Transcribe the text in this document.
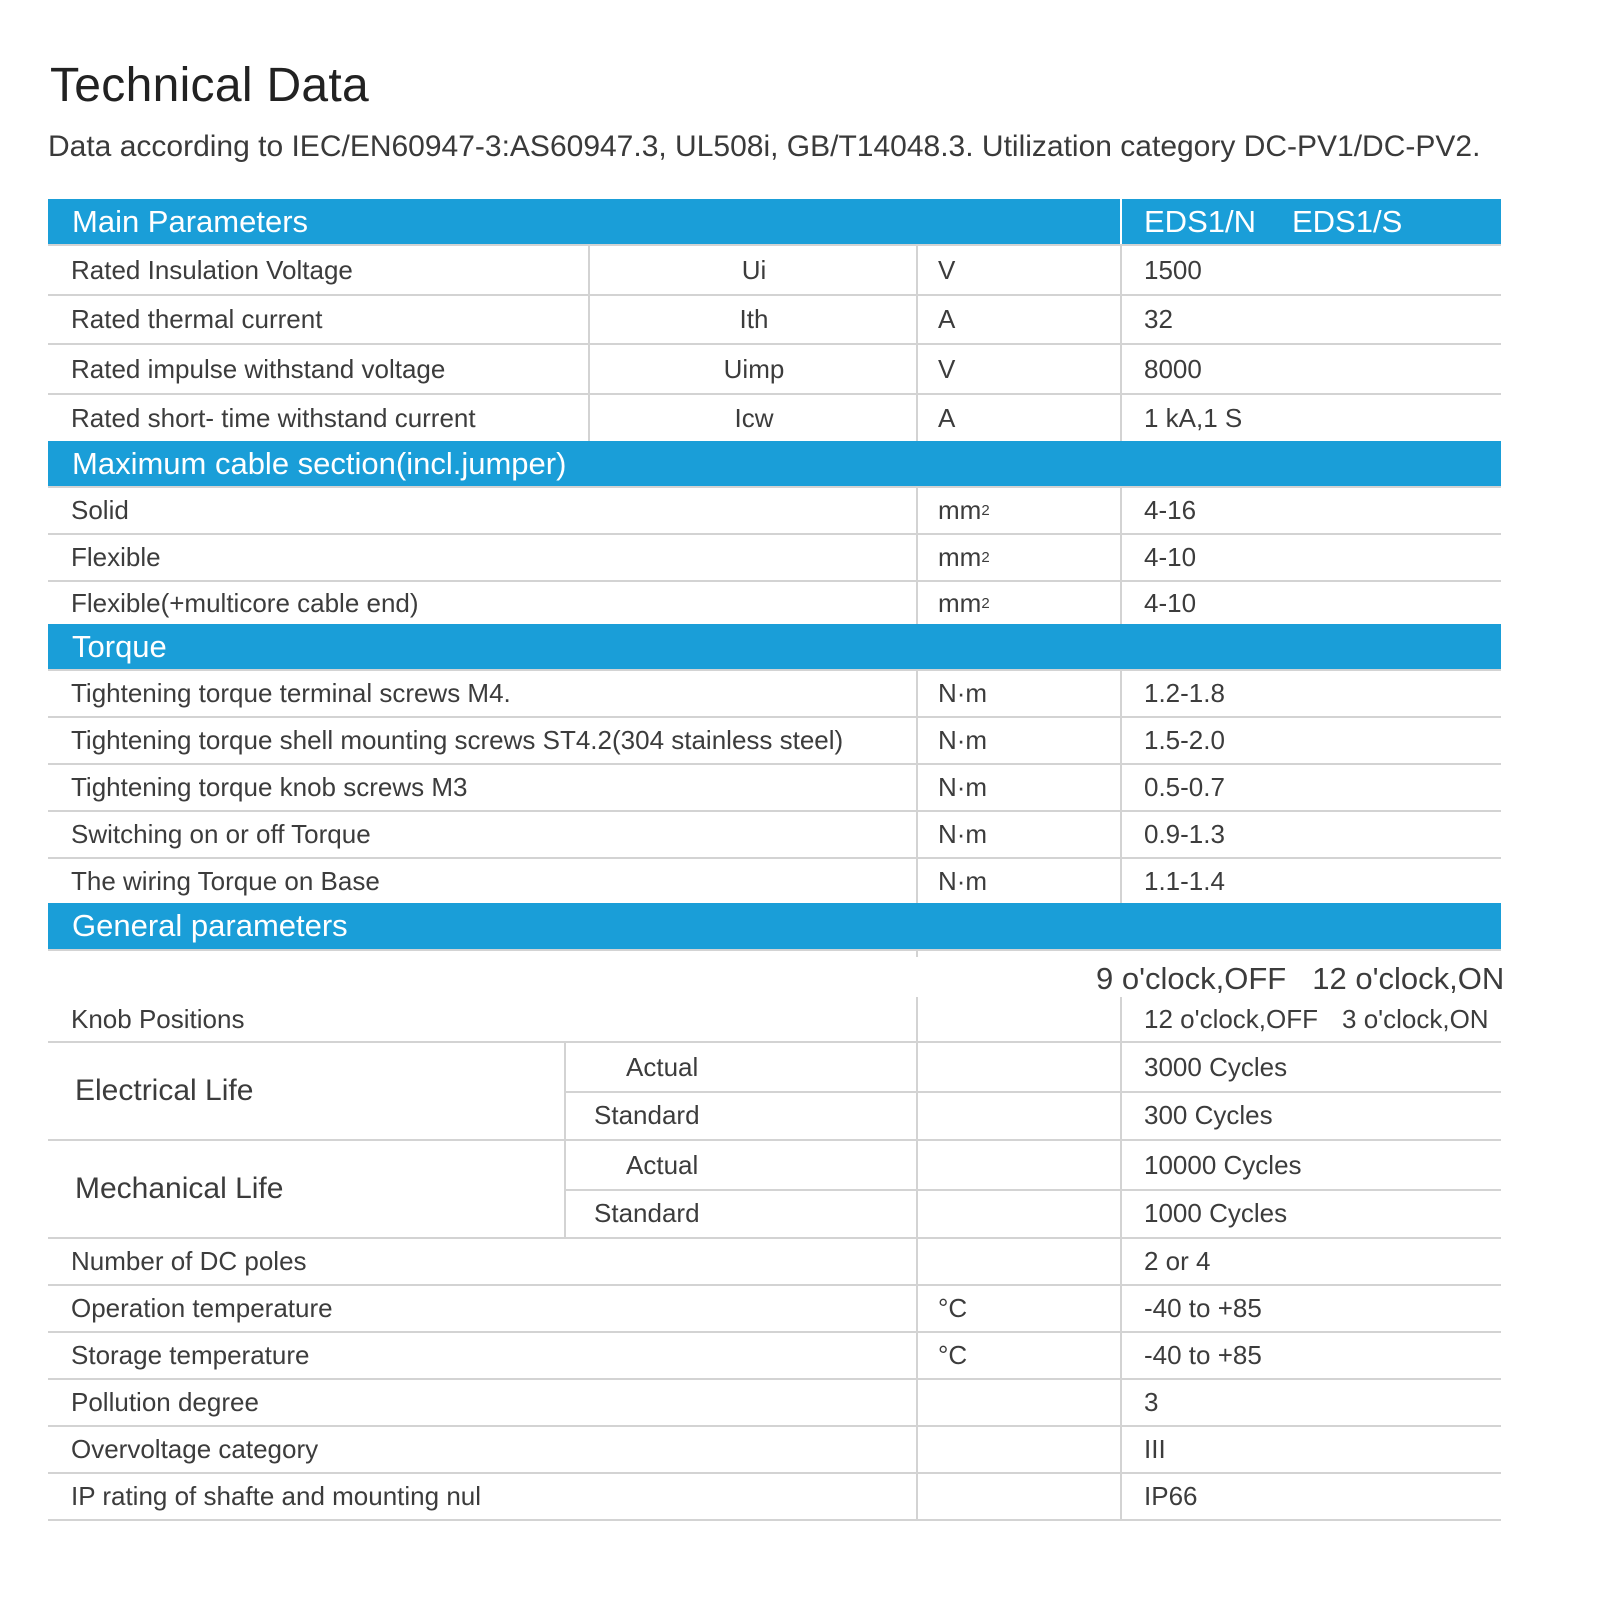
Technical Data
Data according to IEC/EN60947-3:AS60947.3, UL508i, GB/T14048.3. Utilization category DC-PV1/DC-PV2.
Main Parameters	EDS1/N EDS1/S
Rated Insulation Voltage	Ui	V	1500
Rated thermal current	Ith	A	32
Rated impulse withstand voltage	Uimp	V	8000
Rated short- time withstand current	Icw	A	1 kA,1 S
Maximum cable section(incl.jumper)
Solid	mm 2	4-16
Flexible	mm 2	4-10
Flexible(+multicore cable end)	mm 2	4-10
Torque
Tightening torque terminal screws M4.	N·m	1.2-1.8
Tightening torque shell mounting screws ST4.2(304 stainless steel)	N·m	1.5-2.0
Tightening torque knob screws M3	N·m	0.5-0.7
Switching on or off Torque	N·m	0.9-1.3
The wiring Torque on Base	N·m	1.1-1.4
General parameters
9 o'clock,OFF 12 o'clock,ON
Knob Positions	12 o'clock,OFF 3 o'clock,ON
Electrical Life
Actual	3000 Cycles
Standard	300 Cycles
Mechanical Life
Actual	10000 Cycles
Standard	1000 Cycles
Number of DC poles	2 or 4
Operation temperature	°C	-40 to +85
Storage temperature	°C	-40 to +85
Pollution degree	3
Overvoltage category	III
IP rating of shafte and mounting nul	IP66
